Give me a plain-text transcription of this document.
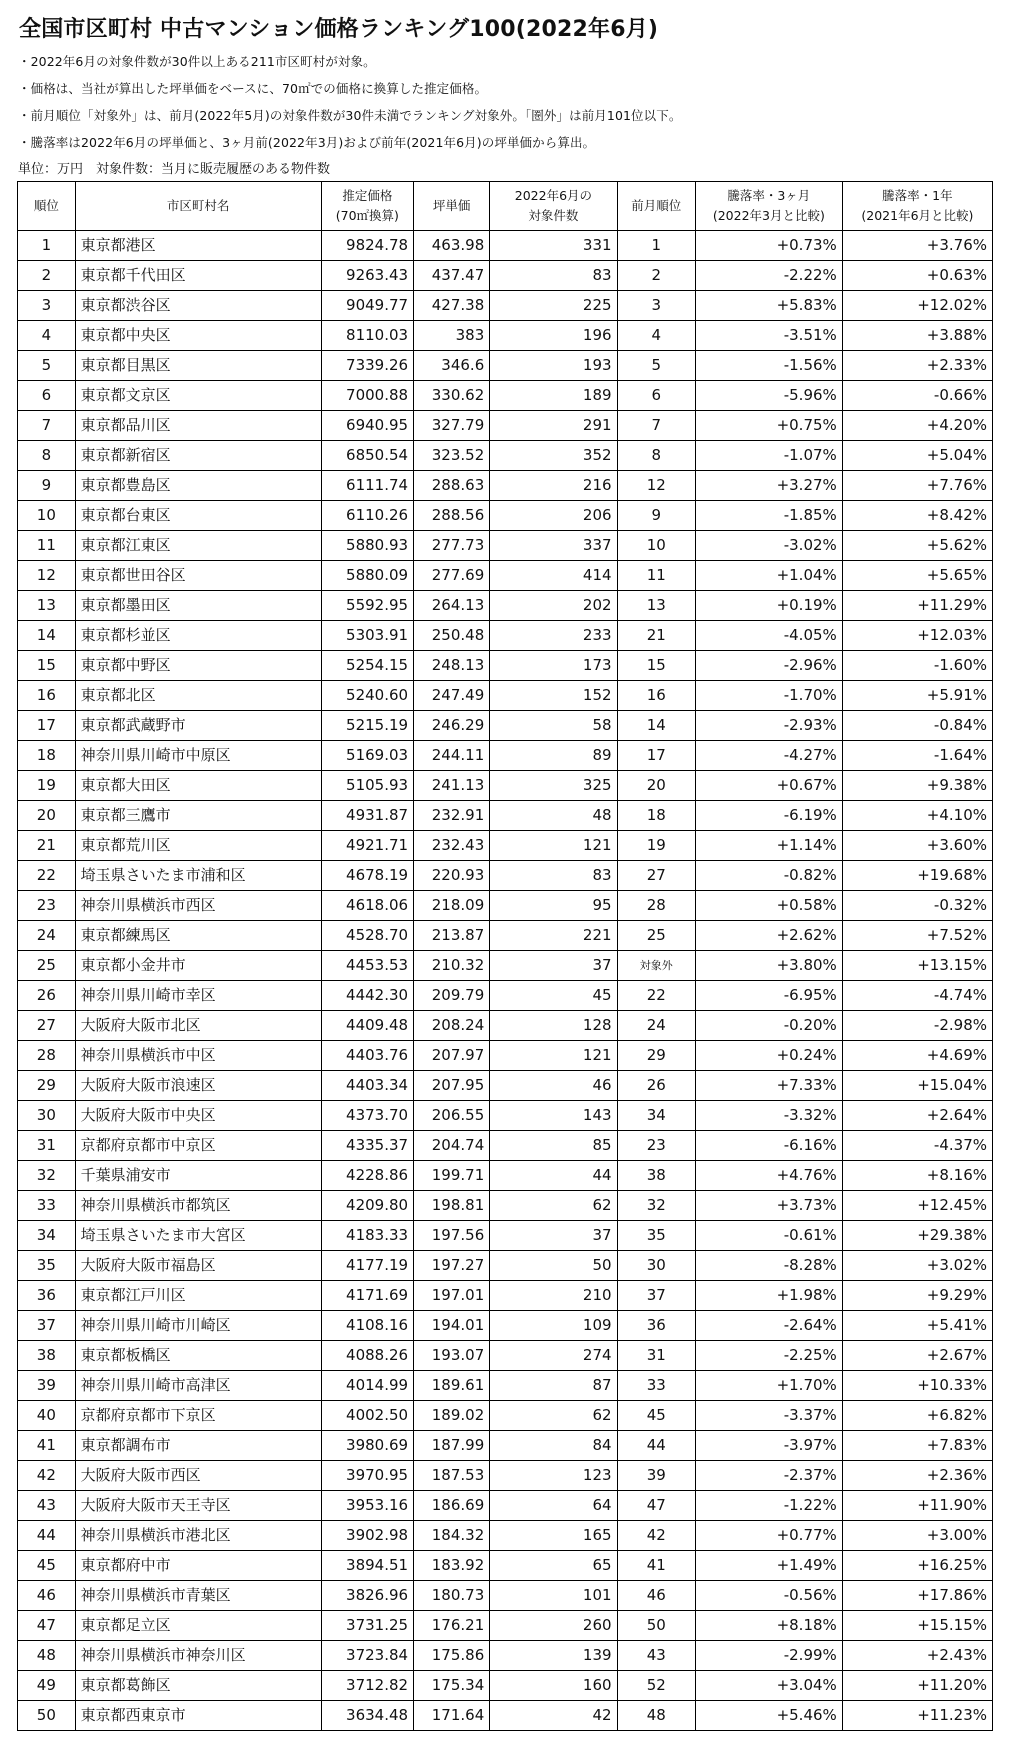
全国市区町村 中古マンション価格ランキング100(2022年6月)
・2022年6月の対象件数が30件以上ある211市区町村が対象。
・価格は、当社が算出した坪単価をベースに、70㎡での価格に換算した推定価格。
・前月順位「対象外」は、前月(2022年5月)の対象件数が30件未満でランキング対象外。「圏外」は前月101位以下。
・騰落率は2022年6月の坪単価と、3ヶ月前(2022年3月)および前年(2021年6月)の坪単価から算出。
単位：万円　対象件数：当月に販売履歴のある物件数
順位	市区町村名	推定価格
(70㎡換算)	坪単価	2022年6月の
対象件数	前月順位	騰落率・3ヶ月
(2022年3月と比較)	騰落率・1年
(2021年6月と比較)

1	東京都港区	9824.78	463.98	331	1	+0.73%	+3.76%
2	東京都千代田区	9263.43	437.47	83	2	-2.22%	+0.63%
3	東京都渋谷区	9049.77	427.38	225	3	+5.83%	+12.02%
4	東京都中央区	8110.03	383	196	4	-3.51%	+3.88%
5	東京都目黒区	7339.26	346.6	193	5	-1.56%	+2.33%
6	東京都文京区	7000.88	330.62	189	6	-5.96%	-0.66%
7	東京都品川区	6940.95	327.79	291	7	+0.75%	+4.20%
8	東京都新宿区	6850.54	323.52	352	8	-1.07%	+5.04%
9	東京都豊島区	6111.74	288.63	216	12	+3.27%	+7.76%
10	東京都台東区	6110.26	288.56	206	9	-1.85%	+8.42%
11	東京都江東区	5880.93	277.73	337	10	-3.02%	+5.62%
12	東京都世田谷区	5880.09	277.69	414	11	+1.04%	+5.65%
13	東京都墨田区	5592.95	264.13	202	13	+0.19%	+11.29%
14	東京都杉並区	5303.91	250.48	233	21	-4.05%	+12.03%
15	東京都中野区	5254.15	248.13	173	15	-2.96%	-1.60%
16	東京都北区	5240.60	247.49	152	16	-1.70%	+5.91%
17	東京都武蔵野市	5215.19	246.29	58	14	-2.93%	-0.84%
18	神奈川県川崎市中原区	5169.03	244.11	89	17	-4.27%	-1.64%
19	東京都大田区	5105.93	241.13	325	20	+0.67%	+9.38%
20	東京都三鷹市	4931.87	232.91	48	18	-6.19%	+4.10%
21	東京都荒川区	4921.71	232.43	121	19	+1.14%	+3.60%
22	埼玉県さいたま市浦和区	4678.19	220.93	83	27	-0.82%	+19.68%
23	神奈川県横浜市西区	4618.06	218.09	95	28	+0.58%	-0.32%
24	東京都練馬区	4528.70	213.87	221	25	+2.62%	+7.52%
25	東京都小金井市	4453.53	210.32	37	対象外	+3.80%	+13.15%
26	神奈川県川崎市幸区	4442.30	209.79	45	22	-6.95%	-4.74%
27	大阪府大阪市北区	4409.48	208.24	128	24	-0.20%	-2.98%
28	神奈川県横浜市中区	4403.76	207.97	121	29	+0.24%	+4.69%
29	大阪府大阪市浪速区	4403.34	207.95	46	26	+7.33%	+15.04%
30	大阪府大阪市中央区	4373.70	206.55	143	34	-3.32%	+2.64%
31	京都府京都市中京区	4335.37	204.74	85	23	-6.16%	-4.37%
32	千葉県浦安市	4228.86	199.71	44	38	+4.76%	+8.16%
33	神奈川県横浜市都筑区	4209.80	198.81	62	32	+3.73%	+12.45%
34	埼玉県さいたま市大宮区	4183.33	197.56	37	35	-0.61%	+29.38%
35	大阪府大阪市福島区	4177.19	197.27	50	30	-8.28%	+3.02%
36	東京都江戸川区	4171.69	197.01	210	37	+1.98%	+9.29%
37	神奈川県川崎市川崎区	4108.16	194.01	109	36	-2.64%	+5.41%
38	東京都板橋区	4088.26	193.07	274	31	-2.25%	+2.67%
39	神奈川県川崎市高津区	4014.99	189.61	87	33	+1.70%	+10.33%
40	京都府京都市下京区	4002.50	189.02	62	45	-3.37%	+6.82%
41	東京都調布市	3980.69	187.99	84	44	-3.97%	+7.83%
42	大阪府大阪市西区	3970.95	187.53	123	39	-2.37%	+2.36%
43	大阪府大阪市天王寺区	3953.16	186.69	64	47	-1.22%	+11.90%
44	神奈川県横浜市港北区	3902.98	184.32	165	42	+0.77%	+3.00%
45	東京都府中市	3894.51	183.92	65	41	+1.49%	+16.25%
46	神奈川県横浜市青葉区	3826.96	180.73	101	46	-0.56%	+17.86%
47	東京都足立区	3731.25	176.21	260	50	+8.18%	+15.15%
48	神奈川県横浜市神奈川区	3723.84	175.86	139	43	-2.99%	+2.43%
49	東京都葛飾区	3712.82	175.34	160	52	+3.04%	+11.20%
50	東京都西東京市	3634.48	171.64	42	48	+5.46%	+11.23%
